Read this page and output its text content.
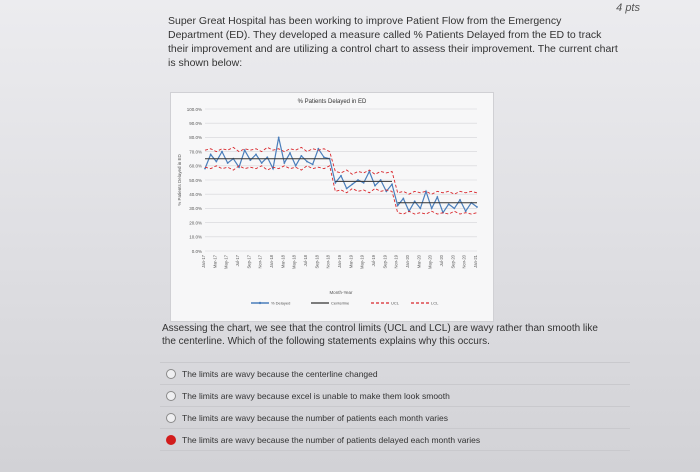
4 pts
Super Great Hospital has been working to improve Patient Flow from the Emergency Department (ED). They developed a measure called % Patients Delayed from the ED to track their improvement and are utilizing a control chart to assess their improvement. The current chart is shown below:
% Patients Delayed in ED
0.0%
10.0%
20.0%
30.0%
40.0%
50.0%
60.0%
70.0%
80.0%
90.0%
100.0%
% Patients Delayed in ED
Jan-17 Mar-17 May-17 Jul-17 Sep-17 Nov-17 Jan-18 Mar-18 May-18 Jul-18 Sep-18 Nov-18 Jan-19 Mar-19 May-19 Jul-19 Sep-19 Nov-19 Jan-20 Mar-20 May-20 Jul-20 Sep-20 Nov-20 Jan-21
Month-Year
% Delayed	Centerline	UCL	LCL
Assessing the chart, we see that the control limits (UCL and LCL) are wavy rather than smooth like the centerline. Which of the following statements explains why this occurs.
The limits are wavy because the centerline changed
The limits are wavy because excel is unable to make them look smooth
The limits are wavy because the number of patients each month varies
The limits are wavy because the number of patients delayed each month varies
